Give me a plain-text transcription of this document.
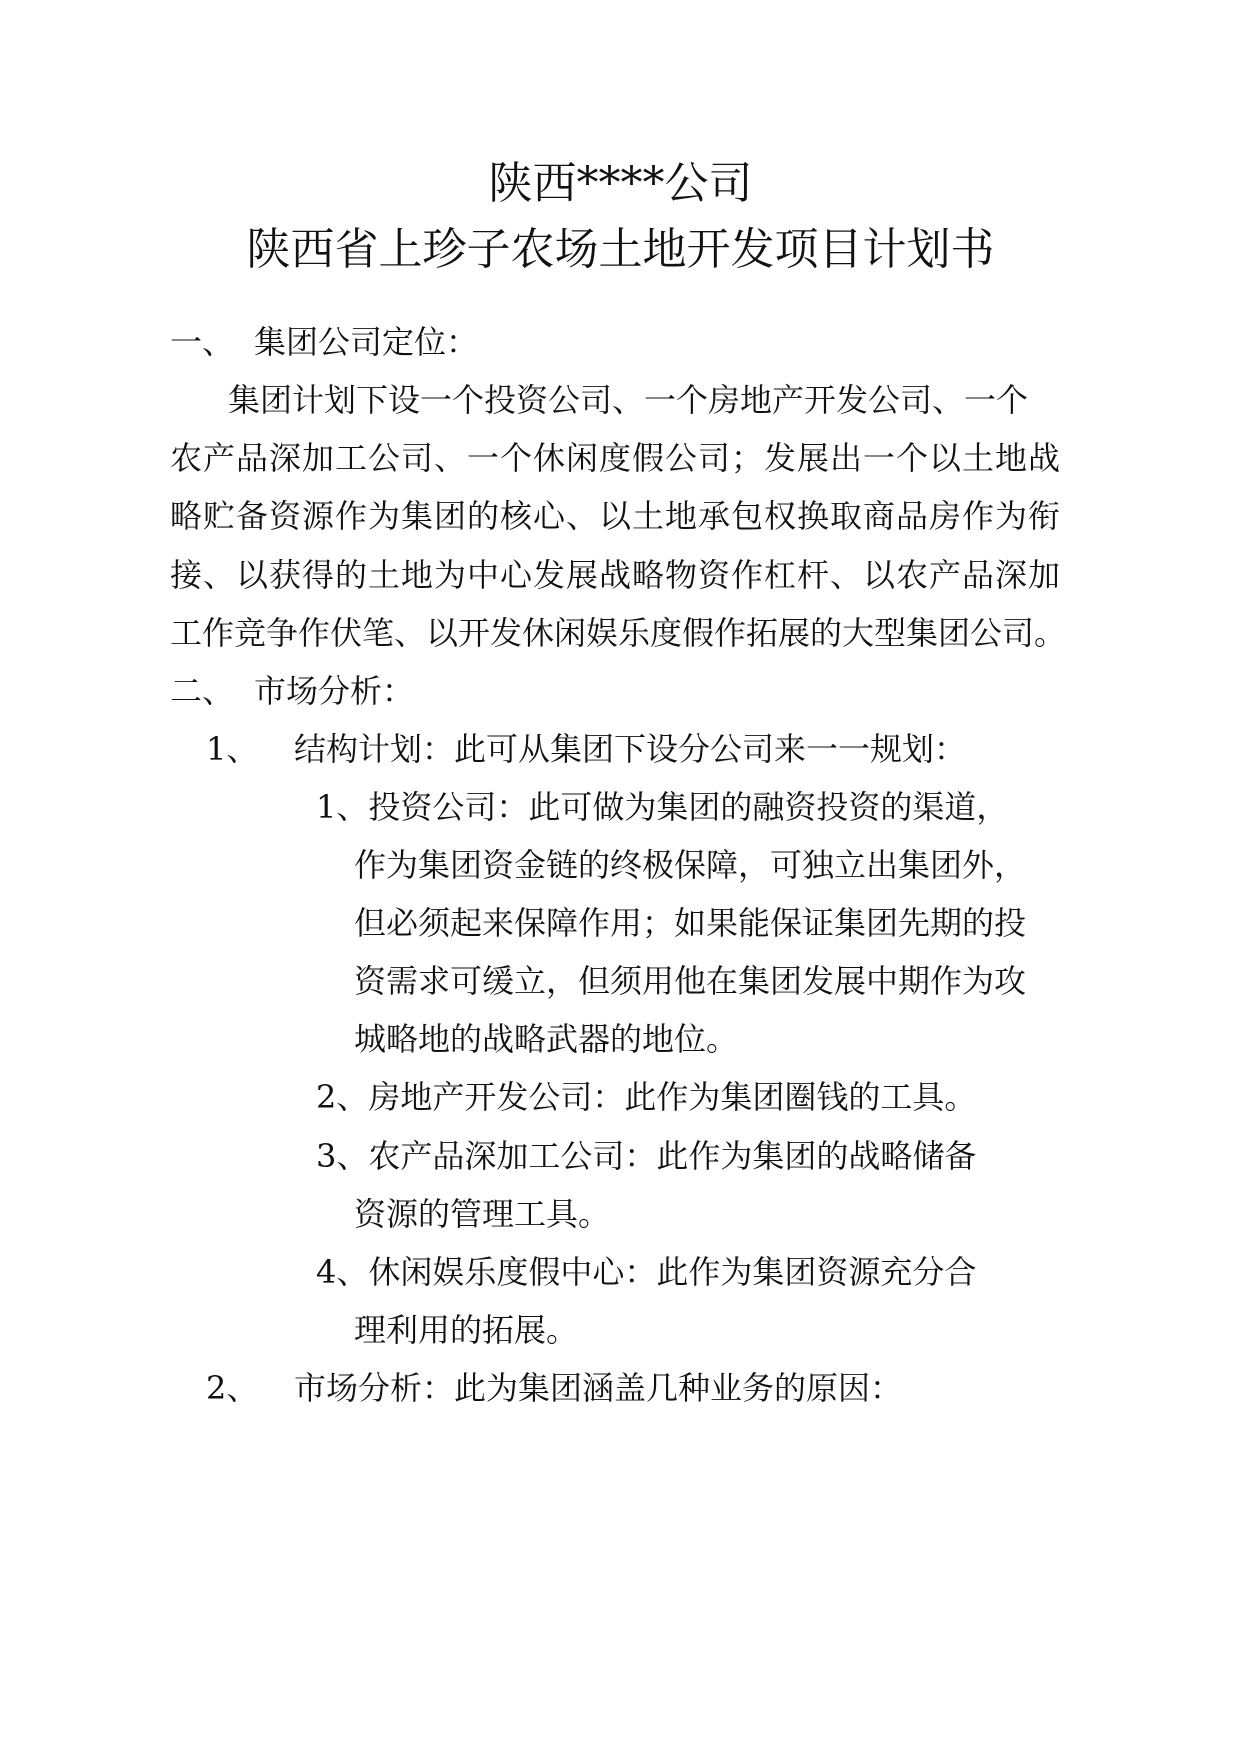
陕西****公司
陕西省上珍子农场土地开发项目计划书
一、 集团公司定位：
集团计划下设一个投资公司、一个房地产开发公司、一个
农产品深加工公司、一个休闲度假公司；发展出一个以土地战
略贮备资源作为集团的核心、以土地承包权换取商品房作为衔
接、以获得的土地为中心发展战略物资作杠杆、以农产品深加
工作竞争作伏笔、以开发休闲娱乐度假作拓展的大型集团公司。
二、 市场分析：
1、 结构计划：此可从集团下设分公司来一一规划：
1、 投资公司：此可做为集团的融资投资的渠道，
作为集团资金链的终极保障，可独立出集团外，
但必须起来保障作用；如果能保证集团先期的投
资需求可缓立，但须用他在集团发展中期作为攻
城略地的战略武器的地位。
2、 房地产开发公司：此作为集团圈钱的工具。
3、 农产品深加工公司：此作为集团的战略储备
资源的管理工具。
4、 休闲娱乐度假中心：此作为集团资源充分合
理利用的拓展。
2、 市场分析：此为集团涵盖几种业务的原因：
